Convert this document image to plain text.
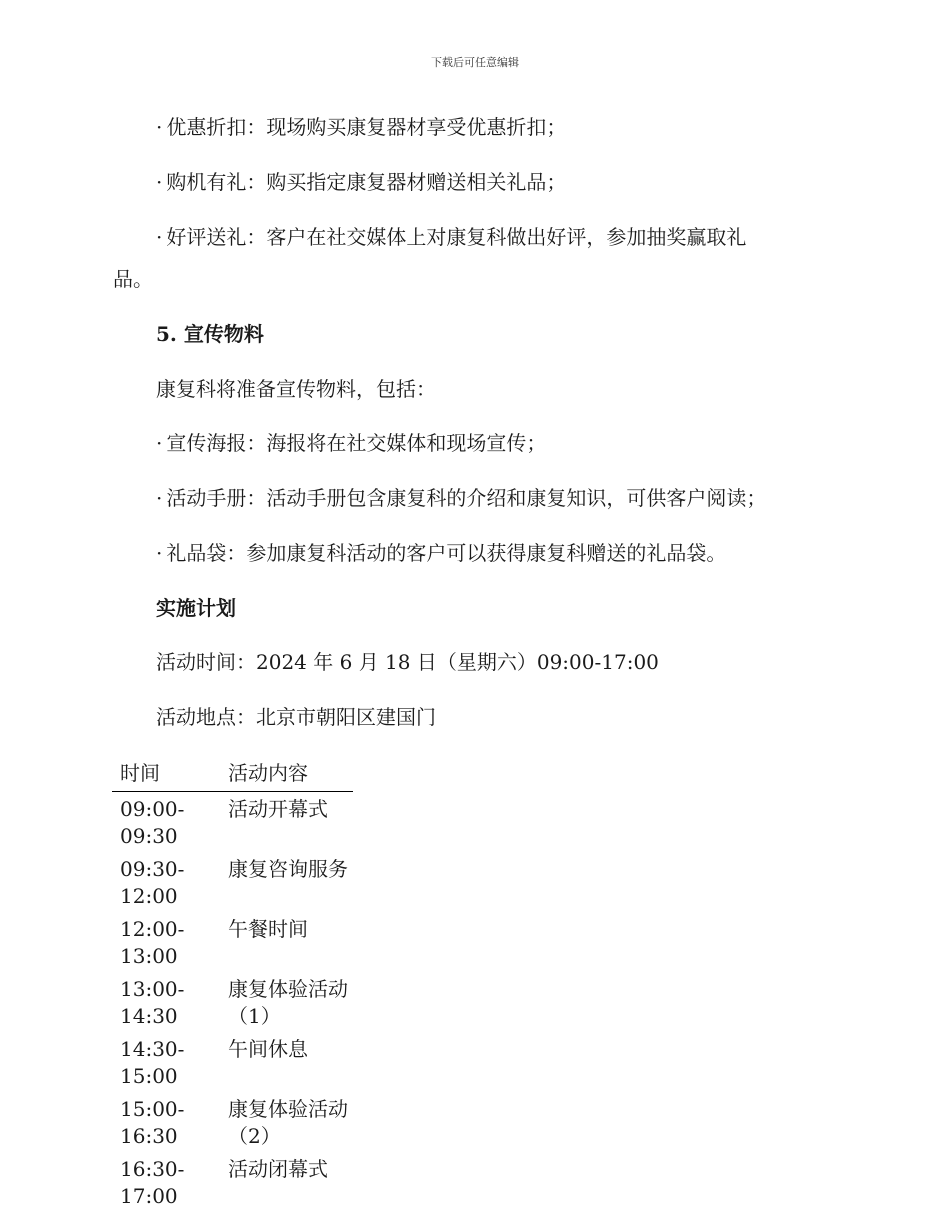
下载后可任意编辑
· 优惠折扣：现场购买康复器材享受优惠折扣；
· 购机有礼：购买指定康复器材赠送相关礼品；
· 好评送礼：客户在社交媒体上对康复科做出好评，参加抽奖赢取礼
品。
5. 宣传物料
康复科将准备宣传物料，包括：
· 宣传海报：海报将在社交媒体和现场宣传；
· 活动手册：活动手册包含康复科的介绍和康复知识，可供客户阅读；
· 礼品袋：参加康复科活动的客户可以获得康复科赠送的礼品袋。
实施计划
活动时间：2024 年 6 月 18 日（星期六）09:00-17:00
活动地点：北京市朝阳区建国门
时间	活动内容
09:00-09:30
活动开幕式
09:30-12:00
康复咨询服务
12:00-13:00
午餐时间
13:00-14:30
康复体验活动（1）
14:30-15:00
午间休息
15:00-16:30
康复体验活动（2）
16:30-17:00
活动闭幕式
